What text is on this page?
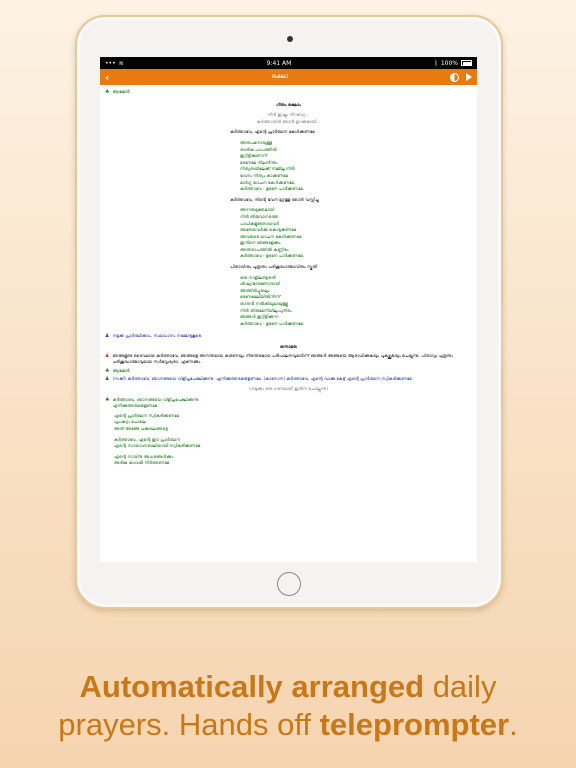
••• ≋	9:41 AM	ᛒ 100%
‹	രക്ഷാ
♣ ആമ്മേൻ
ഗീതം രക്ഷാം
നിൻ ഇഷ്ടം നിറവേറ്റ...
കർത്താവിൻ ഞാൻ ഉറക്കമായി...
കർത്താവേ, എന്റെ പ്രാർത്ഥന കേൾക്കണമേ
അനുപമനായുള്ള
താരിക പാപത്തിൽ
ഇറ്റിട്ടിക്കണന്ന്.
മരണമേ നിലനിന്നും
നിത്യതയിലേക്ക് നമ്മിലൂ നിൻ
ഭവനം നിത്യം കാക്കണമേ
മാർഗ്ഗ യാചന കേൾക്കണമേ.
കർത്താവേ - ഉടനേ പാർക്കണമേ.
കർത്താവേ, നിന്റെ ഭവന മുറ്റത്തു ഞാൻ വസ്സിച്ചു
അനന്തമുക്തമായി
നിൻ തിരുവാനത്തെ
പാപികളുടേതായവർ
അതേയവർക്ക കൊടുക്കണമേ
അവരുടെ യാചന കേൾക്കണമേ
ഇനിനെ ഞങ്ങളേക്കും
അന്തരാപത്തിൽ കണ്ണീരം
കർത്താവേ - ഉടനേ പാർക്കണമേ.
പിതാവിനും പുത്രനും പരിശുദ്ധാത്മാവിനും സ്തുതി
ഒരു നാളിലണ്ടുതൻ
ശിഷ്യന്മാരണോദായി
അത്തിടിപ്പുതലും
മരണമേലിയിൽനിന്ന്
താതൻ നൽകിയുമായുള്ളൂ
നിൻ തിരുമേനിയിലുംപുനിരം
ഞങ്ങൾ ഇറ്റിട്ടിക്കുന്ന
കർത്താവേ - ഉടനേ പാർക്കണമേ.
♟ നമുക്ക പ്രാർത്ഥിക്കാം, സമാധാനം നമ്മോടുകൂടെ.
ഒന്നാമത
♟ ഞങ്ങളുടെ ദൈവമായ കർത്താവേ, ഞങ്ങളെ അനന്തമായ കരുണയും നിരന്തരമായ പരിപാലനവുമാർന്ന് ഞങ്ങൾ അങ്ങയെ ആരാധിക്കുകയും പുകഴ്ത്തുകയും ചെയ്യുന്നു. പിതാവും പുത്രനും പരിശുദ്ധാത്മാവുമായ സർവ്വേശ്വരാ, എന്നേക്കും.
♣ ആമ്മേൻ
♟ (സങ്കീ) കർത്താവേ, ഞാനങ്ങയെ വിളിച്ചപേക്ഷിക്കുന്നു. എനിക്കുത്തരമരുളണമേ. (കാനോന) കർത്താവേ, എന്റെ വാക്കു കേട്ട് എന്റെ പ്രാർത്ഥന സ്വീകരിക്കണമേ
(നമുക്കും ഒരു ഗണമായി ഇതിന ചൊല്ലുന്നു)
♣ കർത്താവേ, ഞാനങ്ങയെ വിളിച്ചപേക്ഷിക്കുന്നു
എനിക്കുത്തരമരുളണമേ
എന്റെ പ്രാർത്ഥന സ്വീകരിക്കണമേ
ധൂപകുറ്റം പോലെ
അത് അങ്ങേ പക്കലെത്തട്ടെ
കർത്താവേ, എന്റെ ഈ പ്രാർത്ഥന
എന്റെ സായാഹ്നബലിയായി സ്വീകരിക്കണമേ
എന്റെ നാവിനു അധരങ്ങൾക്കും
അരികു കാവൽ നിർത്തണമേ
Automatically arranged daily
prayers. Hands off teleprompter.
